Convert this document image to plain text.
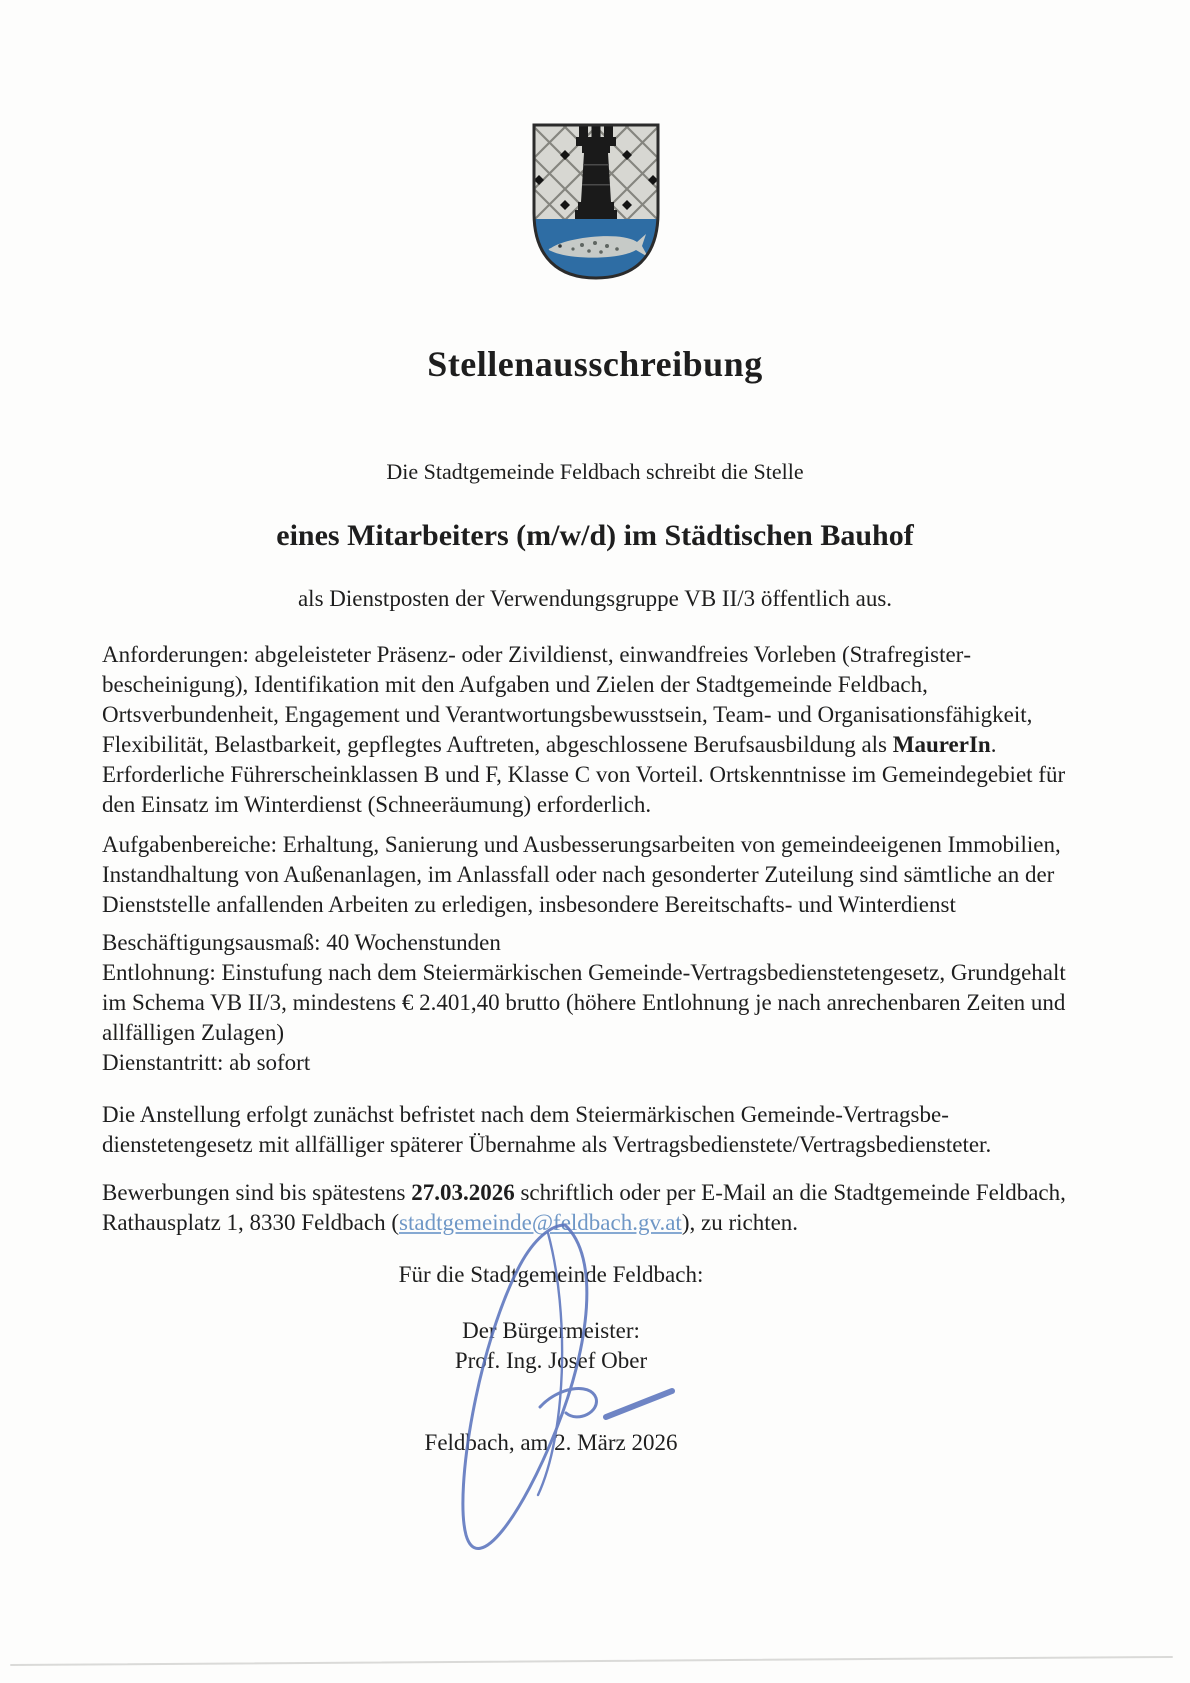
Stellenausschreibung

Die Stadtgemeinde Feldbach schreibt die Stelle

eines Mitarbeiters (m/w/d) im Städtischen Bauhof

als Dienstposten der Verwendungsgruppe VB II/3 öffentlich aus.

Anforderungen: abgeleisteter Präsenz- oder Zivildienst, einwandfreies Vorleben (Strafregisterbescheinigung), Identifikation mit den Aufgaben und Zielen der Stadtgemeinde Feldbach, Ortsverbundenheit, Engagement und Verantwortungsbewusstsein, Team- und Organisationsfähigkeit, Flexibilität, Belastbarkeit, gepflegtes Auftreten, abgeschlossene Berufsausbildung als MaurerIn. Erforderliche Führerscheinklassen B und F, Klasse C von Vorteil. Ortskenntnisse im Gemeindegebiet für den Einsatz im Winterdienst (Schneeräumung) erforderlich.

Aufgabenbereiche: Erhaltung, Sanierung und Ausbesserungsarbeiten von gemeindeeigenen Immobilien, Instandhaltung von Außenanlagen, im Anlassfall oder nach gesonderter Zuteilung sind sämtliche an der Dienststelle anfallenden Arbeiten zu erledigen, insbesondere Bereitschafts- und Winterdienst

Beschäftigungsausmaß: 40 Wochenstunden
Entlohnung: Einstufung nach dem Steiermärkischen Gemeinde-Vertragsbedienstetengesetz, Grundgehalt im Schema VB II/3, mindestens € 2.401,40 brutto (höhere Entlohnung je nach anrechenbaren Zeiten und allfälligen Zulagen)
Dienstantritt: ab sofort

Die Anstellung erfolgt zunächst befristet nach dem Steiermärkischen Gemeinde-Vertragsbedienstetengesetz mit allfälliger späterer Übernahme als Vertragsbedienstete/Vertragsbediensteter.

Bewerbungen sind bis spätestens 27.03.2026 schriftlich oder per E-Mail an die Stadtgemeinde Feldbach, Rathausplatz 1, 8330 Feldbach (stadtgemeinde@feldbach.gv.at), zu richten.

Für die Stadtgemeinde Feldbach:

Der Bürgermeister:

Prof. Ing. Josef Ober

Feldbach, am 2. März 2026
